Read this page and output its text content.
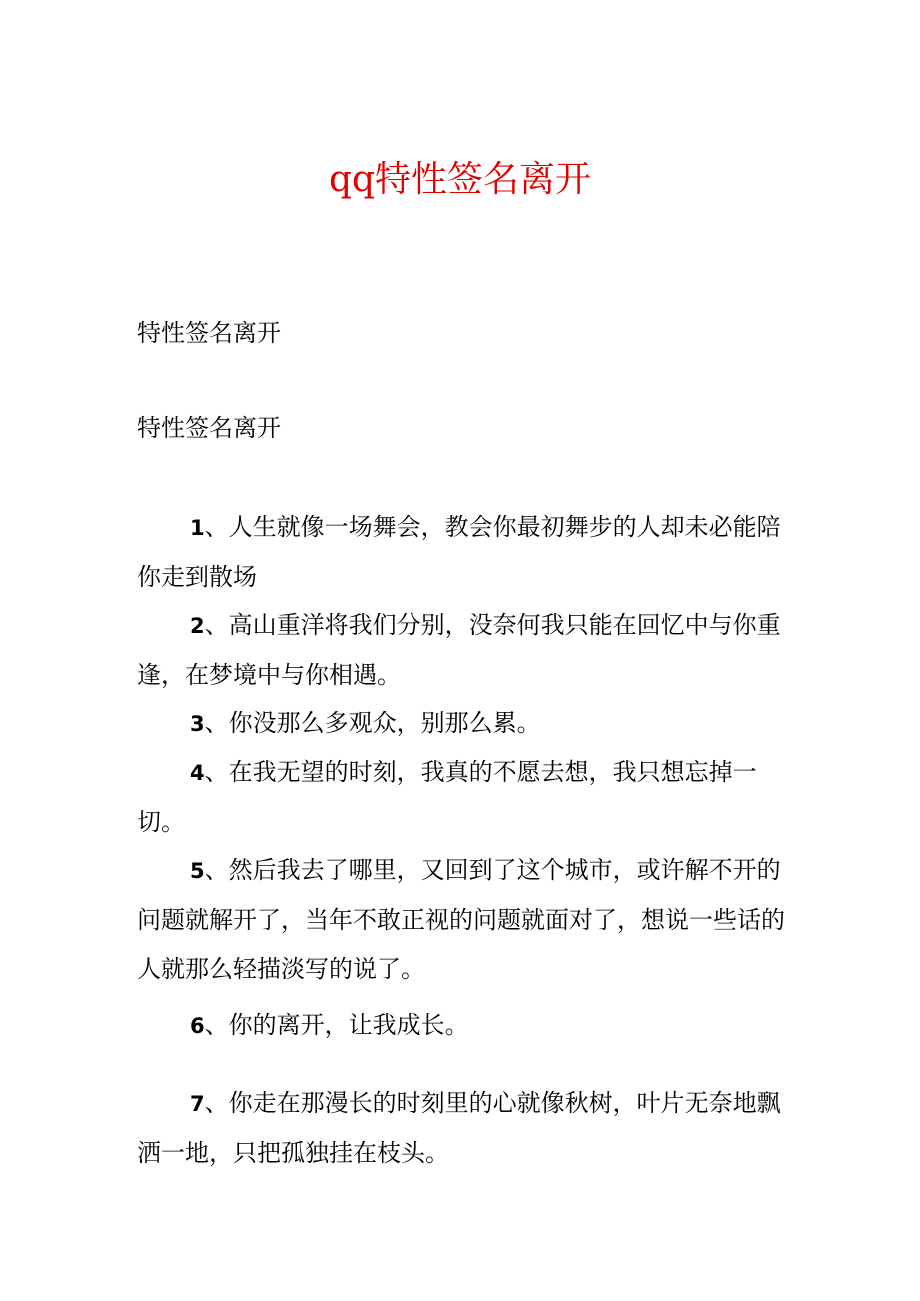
qq特性签名离开

特性签名离开

特性签名离开

1、人生就像一场舞会，教会你最初舞步的人却未必能陪你走到散场

2、高山重洋将我们分别，没奈何我只能在回忆中与你重逢，在梦境中与你相遇。

3、你没那么多观众，别那么累。

4、在我无望的时刻，我真的不愿去想，我只想忘掉一切。

5、然后我去了哪里，又回到了这个城市，或许解不开的问题就解开了，当年不敢正视的问题就面对了，想说一些话的人就那么轻描淡写的说了。

6、你的离开，让我成长。

7、你走在那漫长的时刻里的心就像秋树，叶片无奈地飘洒一地，只把孤独挂在枝头。
